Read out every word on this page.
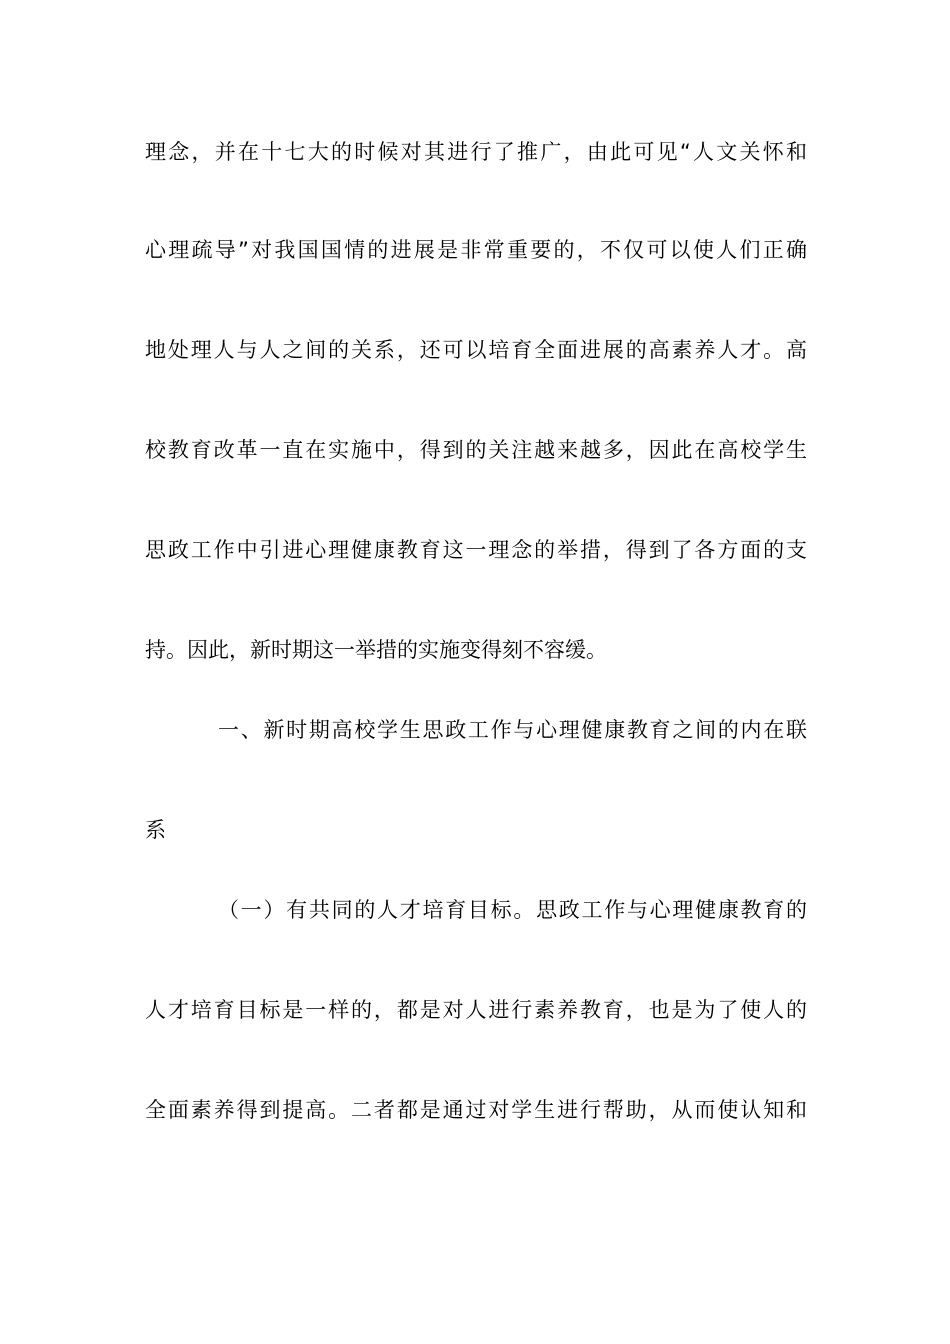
理念，并在十七大的时候对其进行了推广，由此可见“人文关怀和
心理疏导”对我国国情的进展是非常重要的，不仅可以使人们正确
地处理人与人之间的关系，还可以培育全面进展的高素养人才。高
校教育改革一直在实施中，得到的关注越来越多，因此在高校学生
思政工作中引进心理健康教育这一理念的举措，得到了各方面的支
持。因此，新时期这一举措的实施变得刻不容缓。
一、新时期高校学生思政工作与心理健康教育之间的内在联
系
（一）有共同的人才培育目标。思政工作与心理健康教育的
人才培育目标是一样的，都是对人进行素养教育，也是为了使人的
全面素养得到提高。二者都是通过对学生进行帮助，从而使认知和
